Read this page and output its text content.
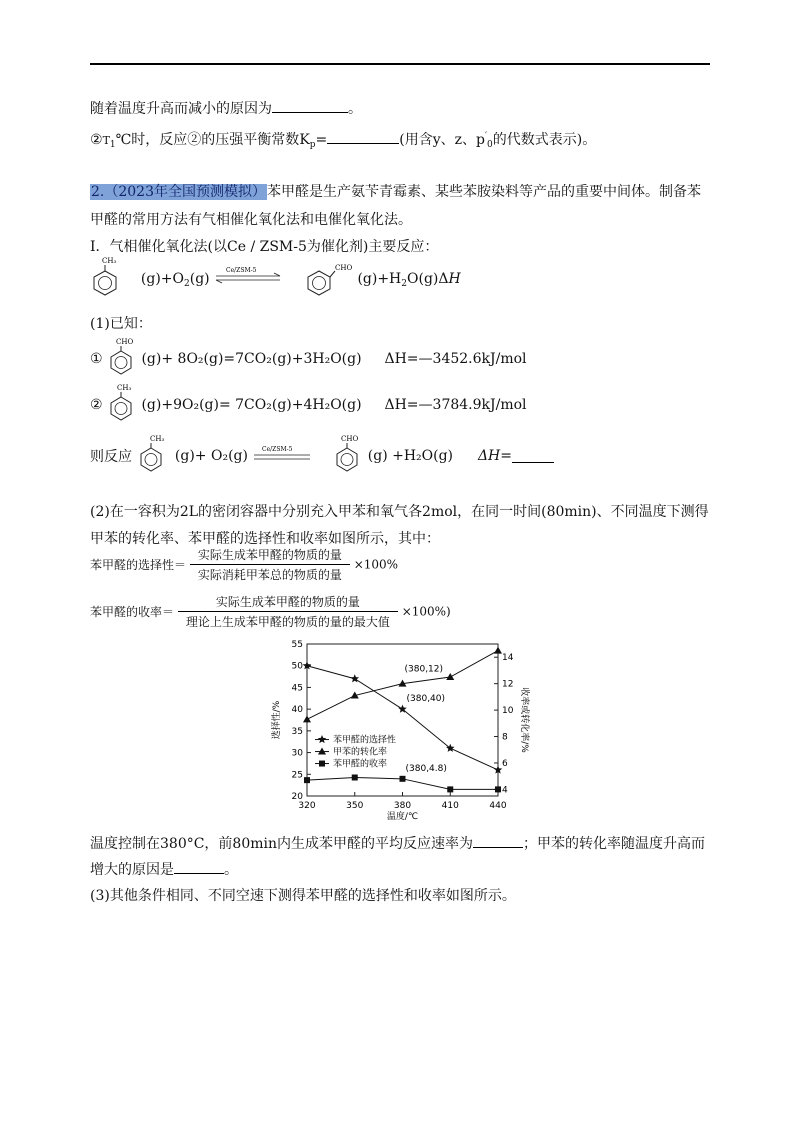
随着温度升高而减小的原因为	。
$②T_1℃$时，反应②的压强平衡常数$K_p=$	(用含y、z、$p'_0$的代数式表示)。
2.（2023年全国预测模拟）苯甲醛是生产氨苄青霉素、某些苯胺染料等产品的重要中间体。制备苯
甲醛的常用方法有气相催化氧化法和电催化氧化法。
I．气相催化氧化法(以Ce / ZSM-5为催化剂)主要反应：
CH₃
$(g)+O_2(g)$
Ce/ZSM-5
	CHO
$(g)+H_2O(g)\Delta H$
(1)已知：
①
CHO
(g)+ 8O₂(g)=7CO₂(g)+3H₂O(g) ΔH=—3452.6kJ/mol
②
CH₃
(g)+9O₂(g)= 7CO₂(g)+4H₂O(g) ΔH=—3784.9kJ/mol
则反应
CH₃
(g)+ O₂(g) Ce/ZSM-5

CHO
(g) +H₂O(g) ΔH=
(2)在一容积为2L的密闭容器中分别充入甲苯和氧气各2mol，在同一时间(80min)、不同温度下测得
甲苯的转化率、苯甲醛的选择性和收率如图所示，其中：
苯甲醛的选择性＝ $\frac{\text{实际生成苯甲醛的物质的量}}{\text{实际消耗甲苯总的物质的量}} \times 100\%$
苯甲醛的收率＝ $\frac{\text{实际生成苯甲醛的物质的量}}{\text{理论上生成苯甲醛的物质的量的最大值}} \times 100\%$)
320	350	380	410	440
20
25
30
35
40
45
50
55
4
6
8
10
12
14
温度/℃
选择性/%	收率或转化率/%
(380,12)
(380,40)
(380,4.8)
苯甲醛的选择性
甲苯的转化率
苯甲醛的收率
温度控制在380°C，前80min内生成苯甲醛的平均反应速率为	；甲苯的转化率随温度升高而
增大的原因是	。
(3)其他条件相同、不同空速下测得苯甲醛的选择性和收率如图所示。
